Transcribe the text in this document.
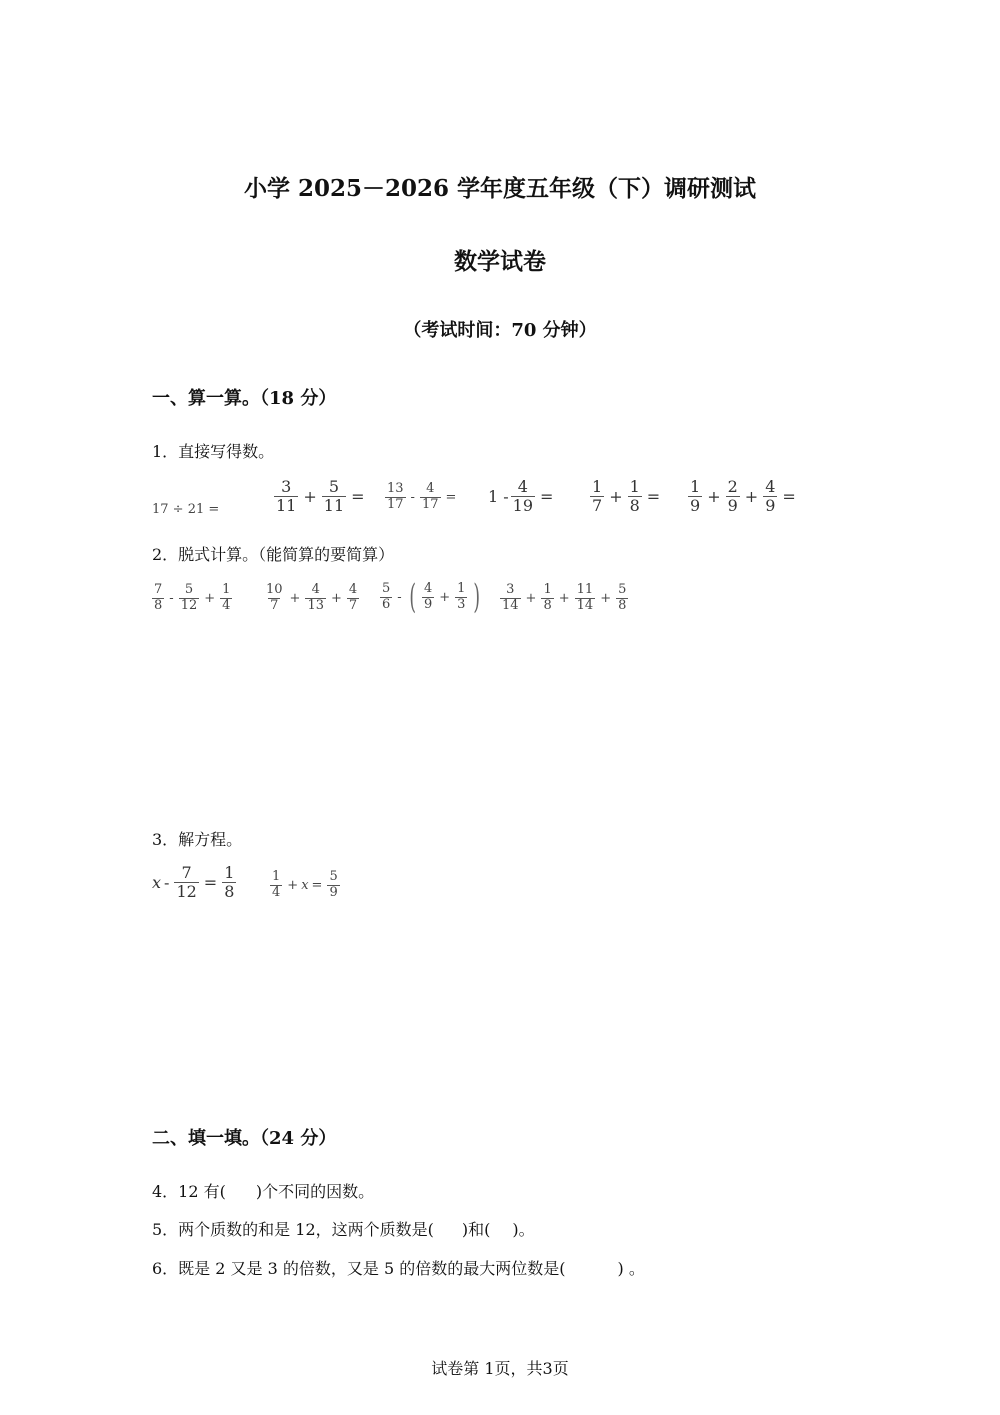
小学 2025－2026 学年度五年级（下）调研测试
数学试卷
（考试时间：70 分钟）
一、算一算。（18 分）
1．直接写得数。
17 ÷ 21 =	$\frac{3}{11} + \frac{5}{11} = \frac{13}{17} - \frac{4}{17} = 1 - \frac{4}{19} = \frac{1}{7} + \frac{1}{8} = \frac{1}{9} + \frac{2}{9} + \frac{4}{9}$ =
2．脱式计算。（能简算的要简算）
$\frac{7}{8} - \frac{5}{12} + \frac{1}{4} \frac{10}{7} + \frac{4}{13} + \frac{4}{7} \frac{5}{6}$ - ( $\frac{4}{9} + \frac{1}{3}$ ) $\frac{3}{14} + \frac{1}{8} + \frac{11}{14} + \frac{5}{8}$
3．解方程。
$x - \frac{7}{12} = \frac{1}{8}$	$\frac{1}{4} + x = \frac{5}{9}$
二、填一填。（24 分）
4．12 有( )个不同的因数。
5．两个质数的和是 12，这两个质数是( )和( )。
6．既是 2 又是 3 的倍数，又是 5 的倍数的最大两位数是(	) 。
试卷第 1页，共3页
